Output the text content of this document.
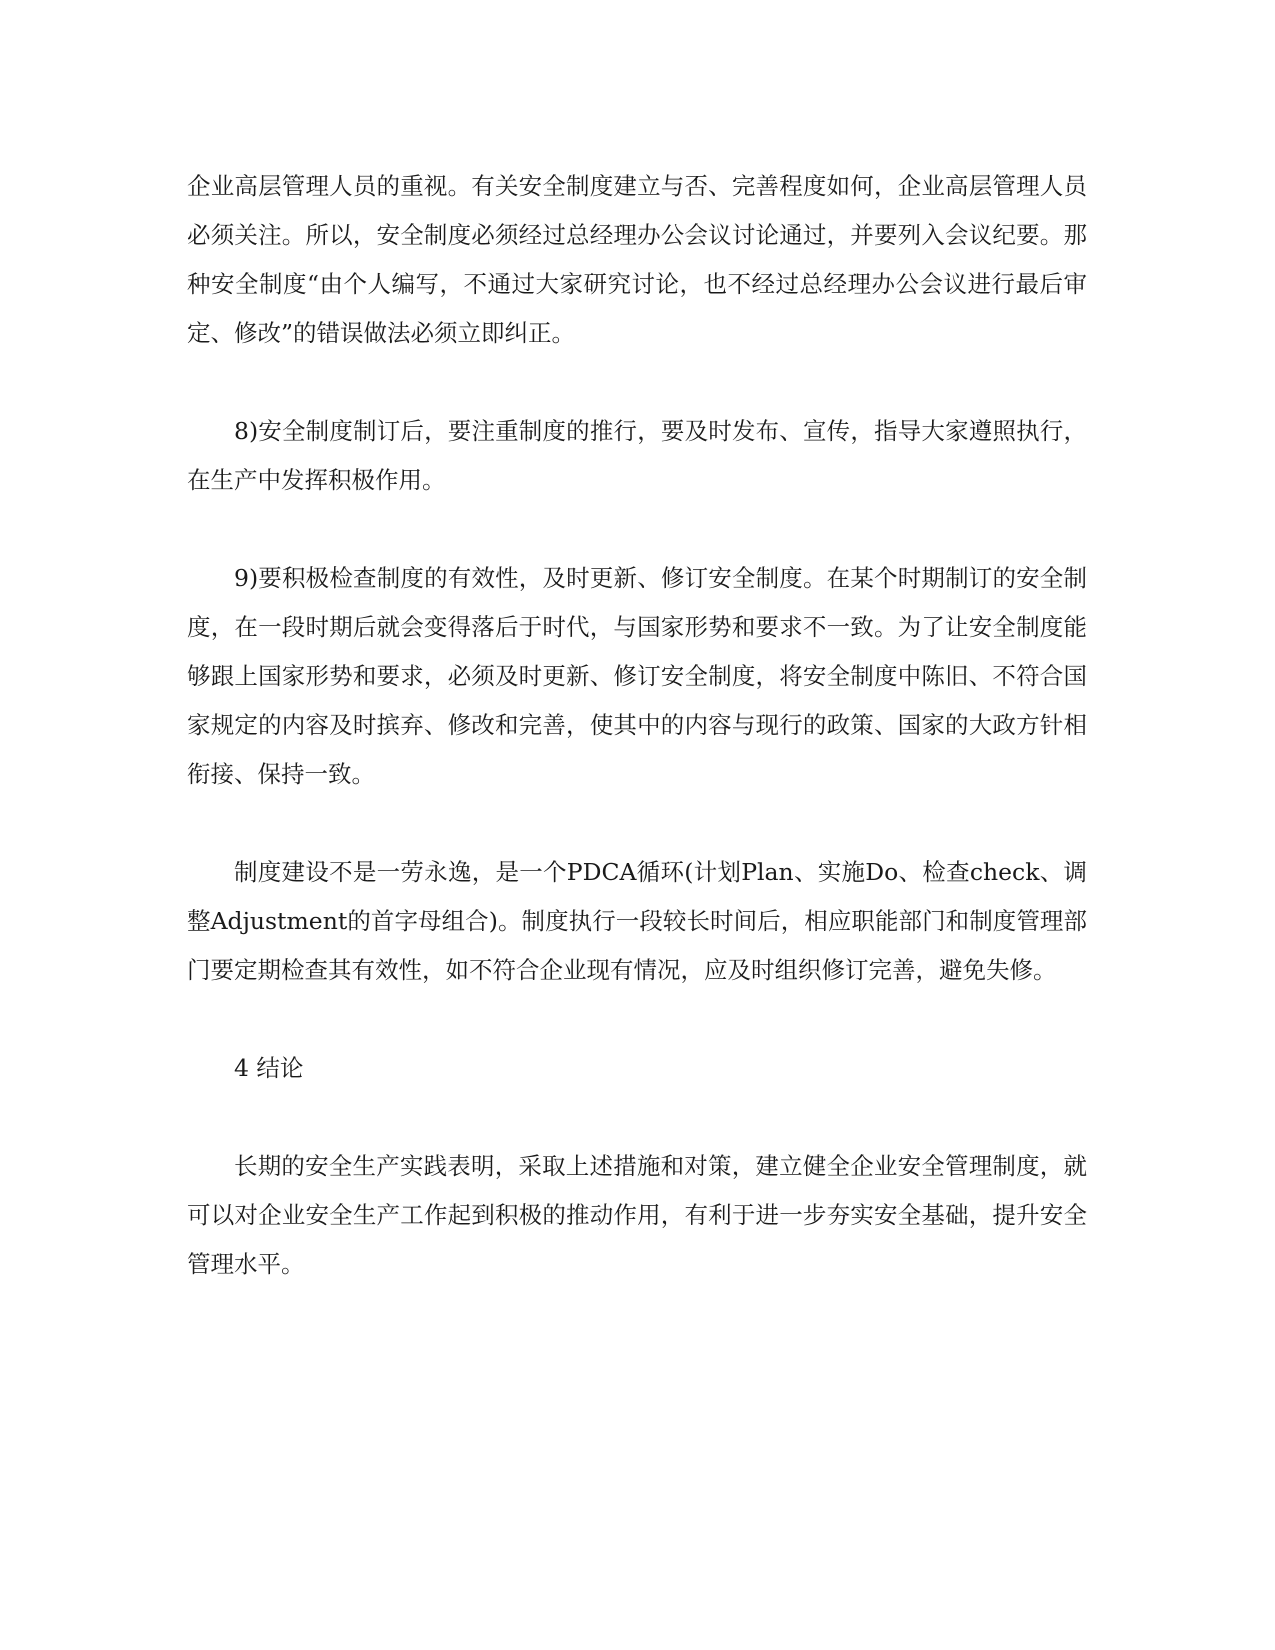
企业高层管理人员的重视。有关安全制度建立与否、完善程度如何，企业高层管理人员必须关注。所以，安全制度必须经过总经理办公会议讨论通过，并要列入会议纪要。那种安全制度“由个人编写，不通过大家研究讨论，也不经过总经理办公会议进行最后审定、修改”的错误做法必须立即纠正。

8)安全制度制订后，要注重制度的推行，要及时发布、宣传，指导大家遵照执行，在生产中发挥积极作用。

9)要积极检查制度的有效性，及时更新、修订安全制度。在某个时期制订的安全制度，在一段时期后就会变得落后于时代，与国家形势和要求不一致。为了让安全制度能够跟上国家形势和要求，必须及时更新、修订安全制度，将安全制度中陈旧、不符合国家规定的内容及时摈弃、修改和完善，使其中的内容与现行的政策、国家的大政方针相衔接、保持一致。

制度建设不是一劳永逸，是一个PDCA循环(计划Plan、实施Do、检查check、调整Adjustment的首字母组合)。制度执行一段较长时间后，相应职能部门和制度管理部门要定期检查其有效性，如不符合企业现有情况，应及时组织修订完善，避免失修。

4 结论

长期的安全生产实践表明，采取上述措施和对策，建立健全企业安全管理制度，就可以对企业安全生产工作起到积极的推动作用，有利于进一步夯实安全基础，提升安全管理水平。
